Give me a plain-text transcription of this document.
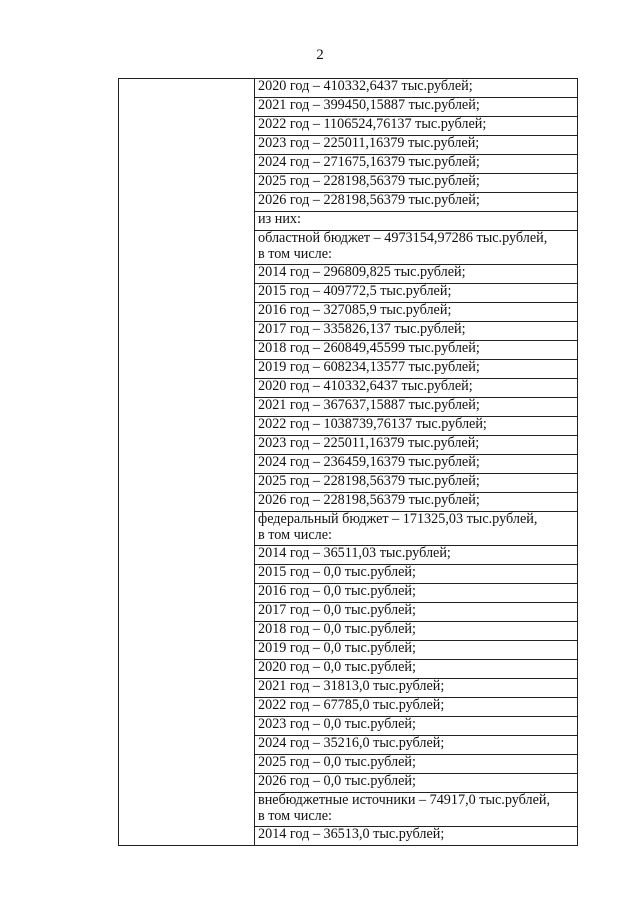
2
	2020 год – 410332,6437 тыс.рублей;
2021 год – 399450,15887 тыс.рублей;
2022 год – 1106524,76137 тыс.рублей;
2023 год – 225011,16379 тыс.рублей;
2024 год – 271675,16379 тыс.рублей;
2025 год – 228198,56379 тыс.рублей;
2026 год – 228198,56379 тыс.рублей;
из них:

областной бюджет – 4973154,97286 тыс.рублей,
в том числе:

2014 год – 296809,825 тыс.рублей;
2015 год – 409772,5 тыс.рублей;
2016 год – 327085,9 тыс.рублей;
2017 год – 335826,137 тыс.рублей;
2018 год – 260849,45599 тыс.рублей;
2019 год – 608234,13577 тыс.рублей;
2020 год – 410332,6437 тыс.рублей;
2021 год – 367637,15887 тыс.рублей;
2022 год – 1038739,76137 тыс.рублей;
2023 год – 225011,16379 тыс.рублей;
2024 год – 236459,16379 тыс.рублей;
2025 год – 228198,56379 тыс.рублей;
2026 год – 228198,56379 тыс.рублей;

федеральный бюджет – 171325,03 тыс.рублей,
в том числе:

2014 год – 36511,03 тыс.рублей;
2015 год – 0,0 тыс.рублей;
2016 год – 0,0 тыс.рублей;
2017 год – 0,0 тыс.рублей;
2018 год – 0,0 тыс.рублей;
2019 год – 0,0 тыс.рублей;
2020 год – 0,0 тыс.рублей;
2021 год – 31813,0 тыс.рублей;
2022 год – 67785,0 тыс.рублей;
2023 год – 0,0 тыс.рублей;
2024 год – 35216,0 тыс.рублей;
2025 год – 0,0 тыс.рублей;
2026 год – 0,0 тыс.рублей;

внебюджетные источники – 74917,0 тыс.рублей,
в том числе:

2014 год – 36513,0 тыс.рублей;
